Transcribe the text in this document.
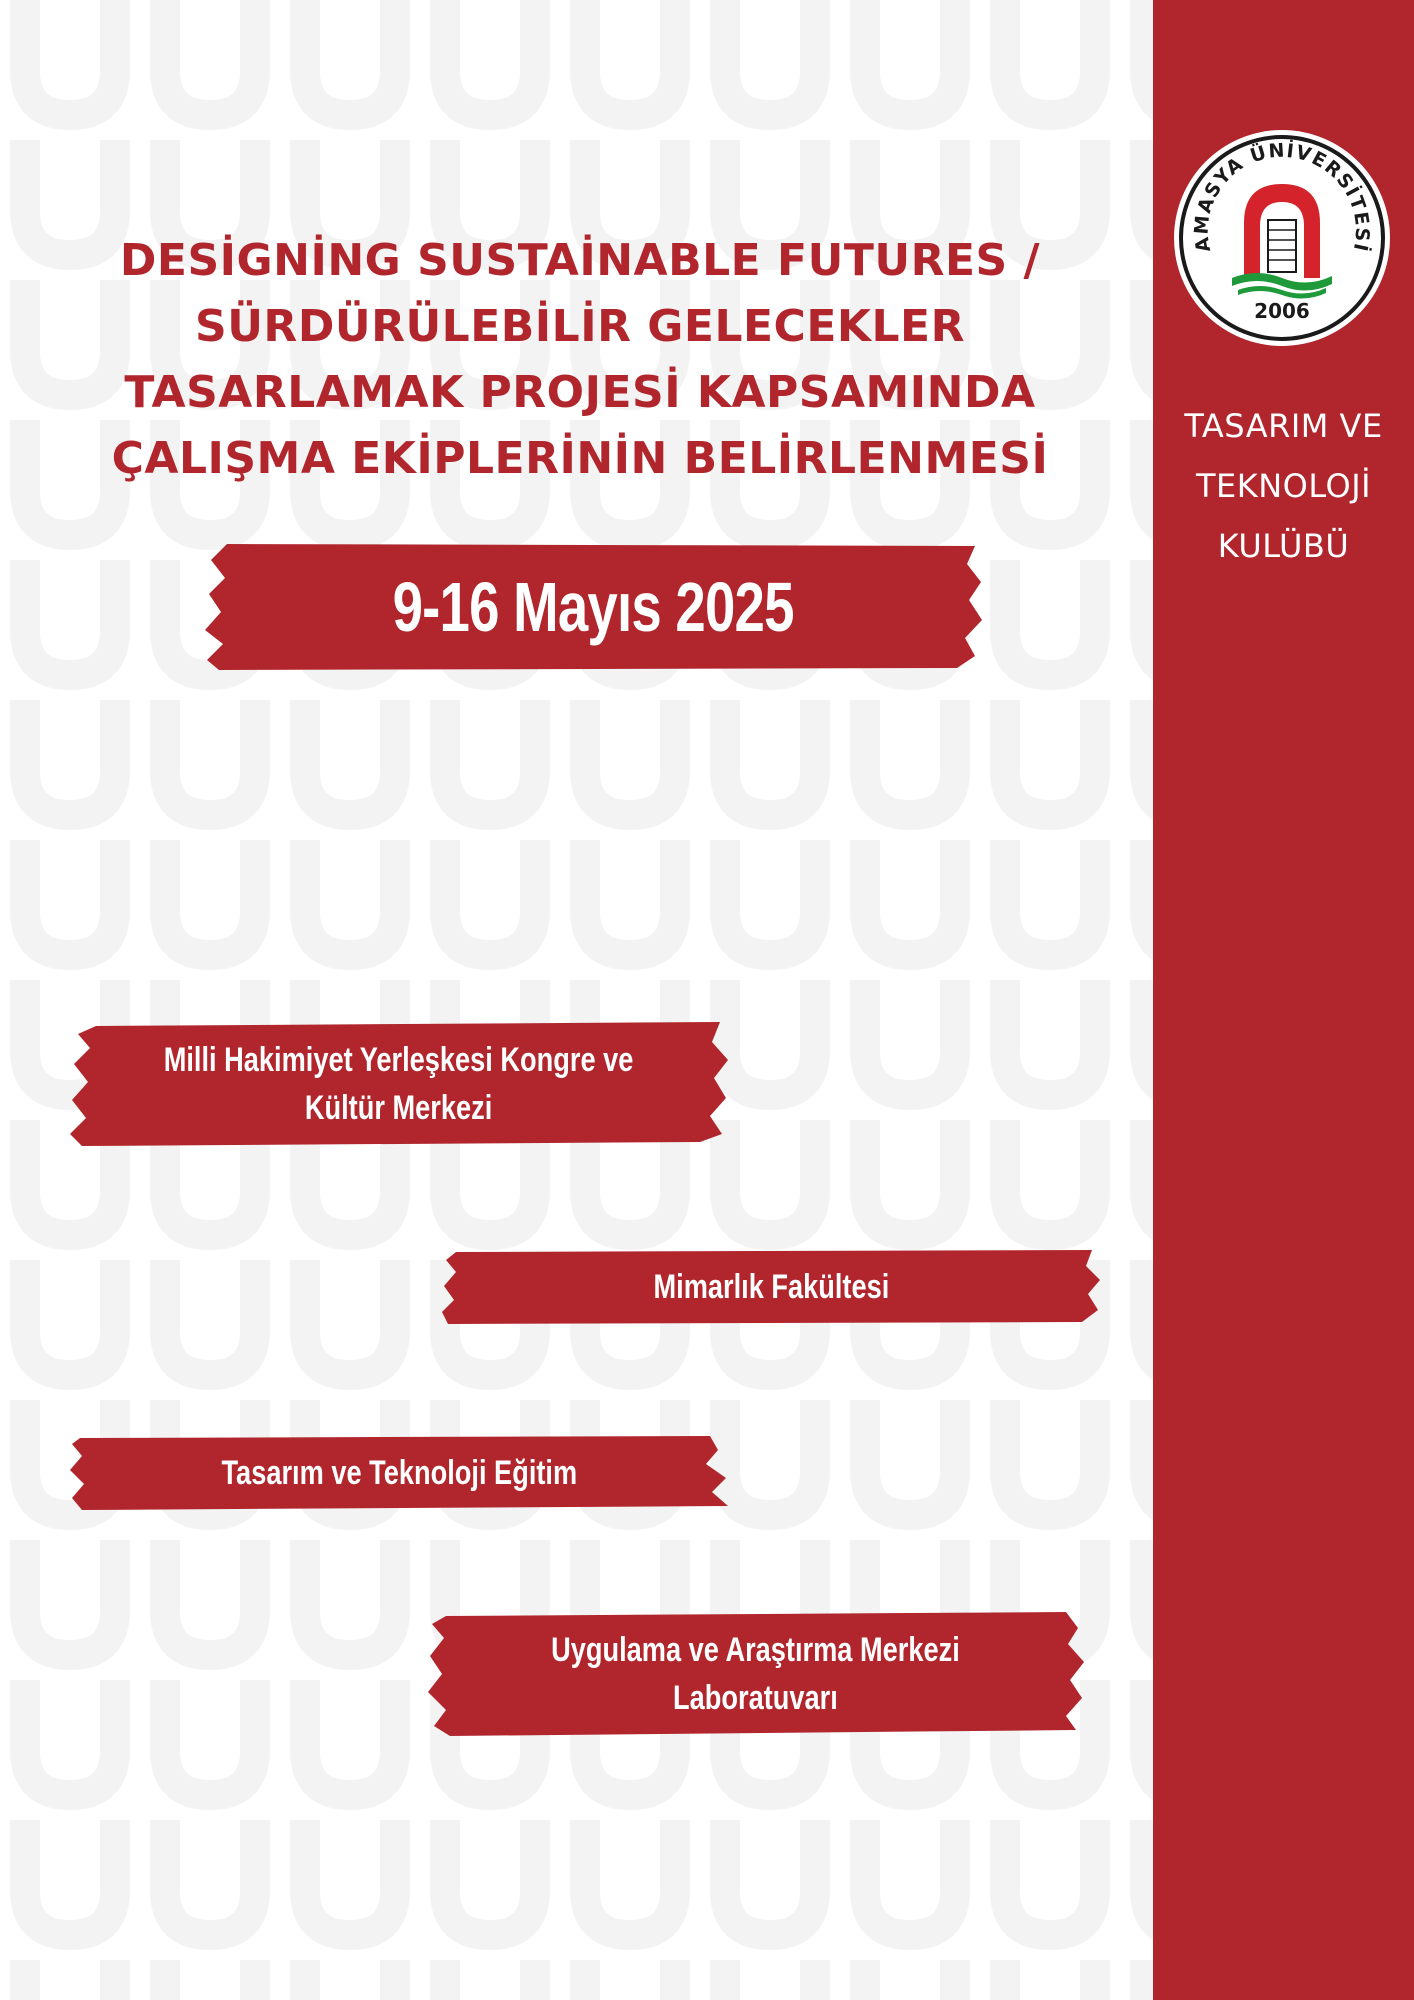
AMASYA ÜNİVERSİTESİ
2006
TASARIM VE
TEKNOLOJİ
KULÜBÜ
DESİGNİNG SUSTAİNABLE FUTURES /
SÜRDÜRÜLEBİLİR GELECEKLER
TASARLAMAK PROJESİ KAPSAMINDA
ÇALIŞMA EKİPLERİNİN BELİRLENMESİ
9-16 Mayıs 2025
Milli Hakimiyet Yerleşkesi Kongre ve
Kültür Merkezi
Mimarlık Fakültesi
Tasarım ve Teknoloji Eğitim
Uygulama ve Araştırma Merkezi
Laboratuvarı
